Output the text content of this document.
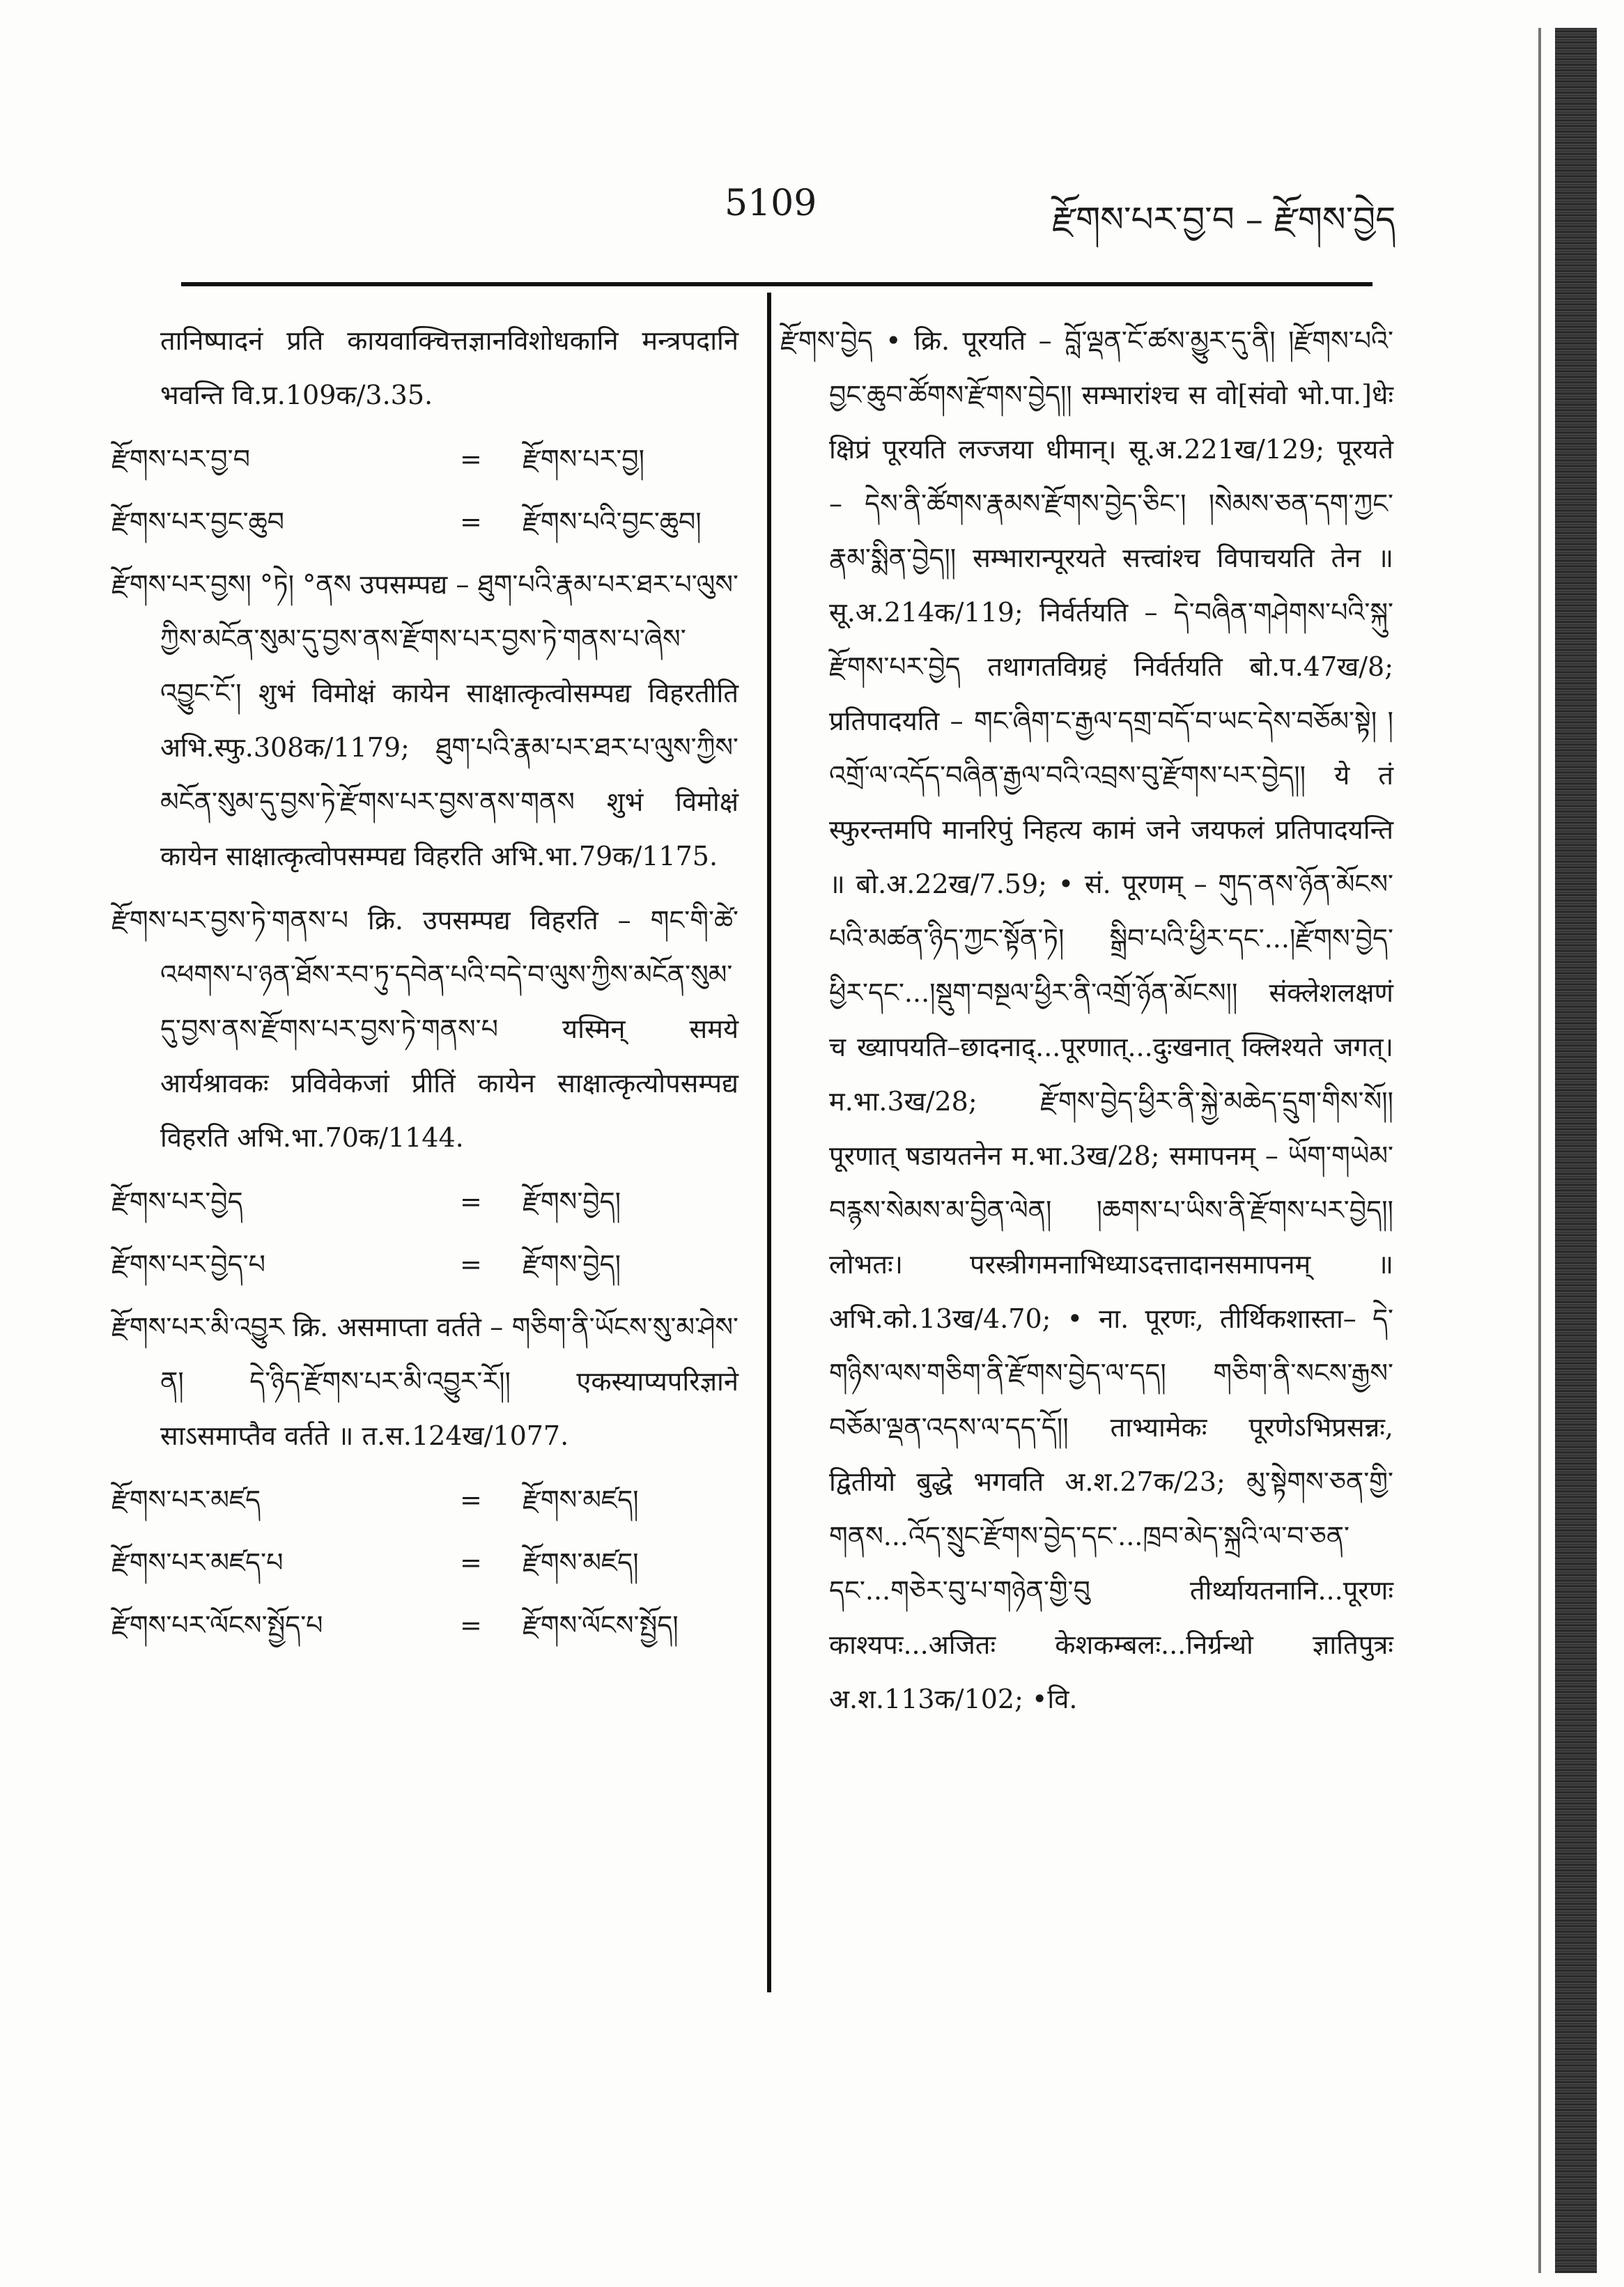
5109	རྫོགས་པར་བྱ་བ – རྫོགས་བྱེད
तानिष्पादनं प्रति कायवाक्चित्तज्ञानविशोधकानि मन्त्रपदानि भवन्ति वि.प्र.109क/3.35.
རྫོགས་པར་བྱ་བ	=	རྫོགས་པར་བྱ།
རྫོགས་པར་བྱང་ཆུབ	=	རྫོགས་པའི་བྱང་ཆུབ།
རྫོགས་པར་བྱས། °ཏེ། °ནས उपसम्पद्य – ཐུག་པའི་རྣམ་པར་ཐར་པ་ལུས་ཀྱིས་མངོན་སུམ་དུ་བྱས་ནས་རྫོགས་པར་བྱས་ཏེ་གནས་པ་ཞེས་འབྱུང་ངོ་། शुभं विमोक्षं कायेन साक्षात्कृत्वोसम्पद्य विहरतीति अभि.स्फु.308क/1179; ཐུག་པའི་རྣམ་པར་ཐར་པ་ལུས་ཀྱིས་མངོན་སུམ་དུ་བྱས་ཏེ་རྫོགས་པར་བྱས་ནས་གནས शुभं विमोक्षं कायेन साक्षात्कृत्वोपसम्पद्य विहरति अभि.भा.79क/1175.
རྫོགས་པར་བྱས་ཏེ་གནས་པ क्रि. उपसम्पद्य विहरति – གང་གི་ཚེ་འཕགས་པ་ཉན་ཐོས་རབ་ཏུ་དབེན་པའི་བདེ་བ་ལུས་ཀྱིས་མངོན་སུམ་དུ་བྱས་ནས་རྫོགས་པར་བྱས་ཏེ་གནས་པ यस्मिन् समये आर्यश्रावकः प्रविवेकजां प्रीतिं कायेन साक्षात्कृत्योपसम्पद्य विहरति अभि.भा.70क/1144.
རྫོགས་པར་བྱེད	=	རྫོགས་བྱེད།
རྫོགས་པར་བྱེད་པ	=	རྫོགས་བྱེད།
རྫོགས་པར་མི་འབྱུར क्रि. असमाप्ता वर्तते – གཅིག་ནི་ཡོངས་སུ་མ་ཤེས་ན། དེ་ཉིད་རྫོགས་པར་མི་འབྱུར་རོ།། एकस्याप्यपरिज्ञाने साऽसमाप्तैव वर्तते ॥ त.स.124ख/1077.
རྫོགས་པར་མཛད	=	རྫོགས་མཛད།
རྫོགས་པར་མཛད་པ	=	རྫོགས་མཛད།
རྫོགས་པར་ལོངས་སྤྱོད་པ	=	རྫོགས་ལོངས་སྤྱོད།
རྫོགས་བྱེད • क्रि. पूरयति – བློ་ལྡན་ངོ་ཚས་མྱུར་དུ་ནི། །རྫོགས་པའི་བྱང་ཆུབ་ཚོགས་རྫོགས་བྱེད།། सम्भारांश्च स वो[संवो भो.पा.]धेः क्षिप्रं पूरयति लज्जया धीमान्। सू.अ.221ख/129; पूरयते – དེས་ནི་ཚོགས་རྣམས་རྫོགས་བྱེད་ཅིང་། །སེམས་ཅན་དག་ཀྱང་རྣམ་སྨིན་བྱེད།། सम्भारान्पूरयते सत्त्वांश्च विपाचयति तेन ॥ सू.अ.214क/119; निर्वर्तयति – དེ་བཞིན་གཤེགས་པའི་སྐུ་རྫོགས་པར་བྱེད तथागतविग्रहं निर्वर्तयति बो.प.47ख/8; प्रतिपादयति – གང་ཞིག་ང་རྒྱལ་དགྲ་བདོ་བ་ཡང་དེས་བཅོམ་སྟེ། །འགྲོ་ལ་འདོད་བཞིན་རྒྱལ་བའི་འབྲས་བུ་རྫོགས་པར་བྱེད།། ये तं स्फुरन्तमपि मानरिपुं निहत्य कामं जने जयफलं प्रतिपादयन्ति ॥ बो.अ.22ख/7.59; • सं. पूरणम् – གུད་ནས་ཉོན་མོངས་པའི་མཚན་ཉིད་ཀྱང་སྟོན་ཏེ། སྒྲིབ་པའི་ཕྱིར་དང་...།རྫོགས་བྱེད་ཕྱིར་དང་...།སྡུག་བསྔལ་ཕྱིར་ནི་འགྲོ་ཉོན་མོངས།། संक्लेशलक्षणं च ख्यापयति–छादनाद्...पूरणात्...दुःखनात् क्लिश्यते जगत्। म.भा.3ख/28; རྫོགས་བྱེད་ཕྱིར་ནི་སྐྱེ་མཆེད་དྲུག་གིས་སོ།། पूरणात् षडायतनेन म.भा.3ख/28; समापनम् – ཡོག་གཡེམ་བརྙས་སེམས་མ་བྱིན་ལེན། །ཆགས་པ་ཡིས་ནི་རྫོགས་པར་བྱེད།། लोभतः। परस्त्रीगमनाभिध्याऽदत्तादानसमापनम् ॥ अभि.को.13ख/4.70; • ना. पूरणः, तीर्थिकशास्ता– དེ་གཉིས་ལས་གཅིག་ནི་རྫོགས་བྱེད་ལ་དད། གཅིག་ནི་སངས་རྒྱས་བཅོམ་ལྡན་འདས་ལ་དད་དོ།། ताभ्यामेकः पूरणेऽभिप्रसन्नः, द्वितीयो बुद्धे भगवति अ.श.27क/23; མུ་སྟེགས་ཅན་གྱི་གནས...འོད་སྲུང་རྫོགས་བྱེད་དང་...ཁྲབ་མེད་སྐྲའི་ལ་བ་ཅན་དང་...གཅེར་བུ་པ་གཉེན་གྱི་བུ तीर्थ्यायतनानि...पूरणः काश्यपः...अजितः केशकम्बलः...निर्ग्रन्थो ज्ञातिपुत्रः अ.श.113क/102; •वि.
